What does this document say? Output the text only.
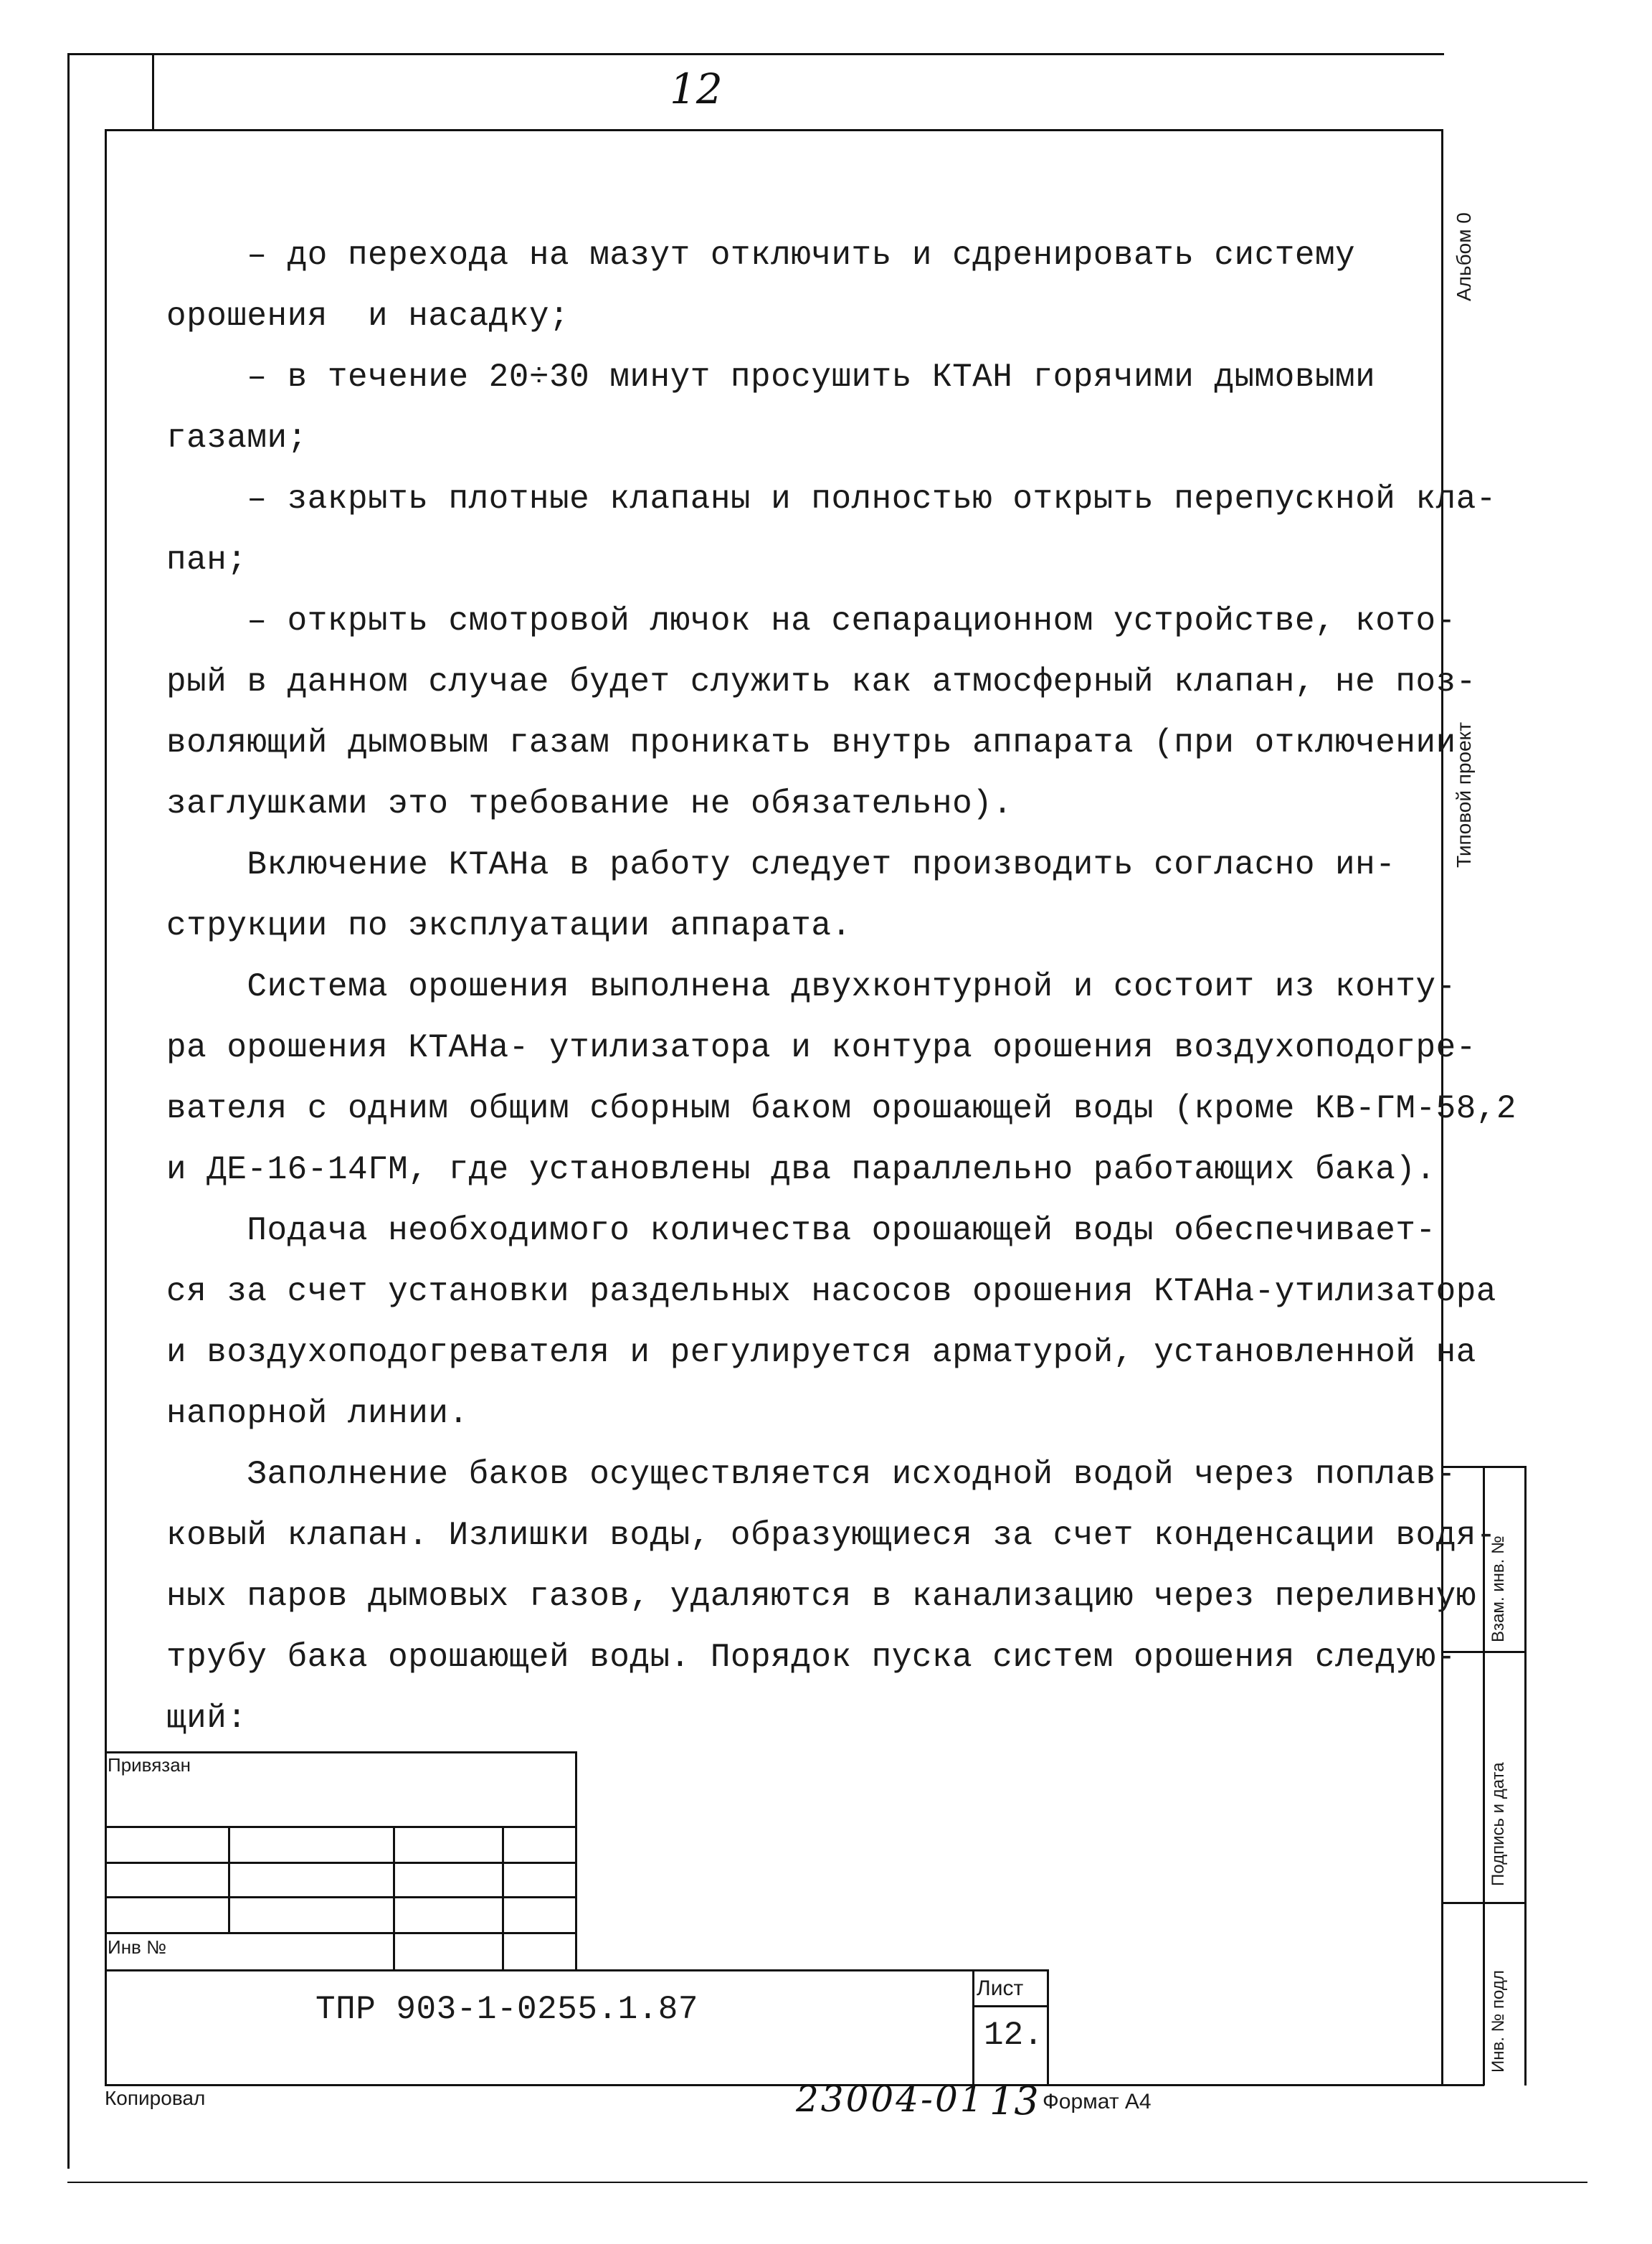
12
– до перехода на мазут отключить и сдренировать систему
орошения  и насадку;
– в течение 20÷30 минут просушить КТАН горячими дымовыми
газами;
– закрыть плотные клапаны и полностью открыть перепускной кла-
пан;
– открыть смотровой лючок на сепарационном устройстве, кото-
рый в данном случае будет служить как атмосферный клапан, не поз-
воляющий дымовым газам проникать внутрь аппарата (при отключении
заглушками это требование не обязательно).
Включение КТАНа в работу следует производить согласно ин-
струкции по эксплуатации аппарата.
Система орошения выполнена двухконтурной и состоит из конту-
ра орошения КТАНа- утилизатора и контура орошения воздухоподогре-
вателя с одним общим сборным баком орошающей воды (кроме КВ-ГМ-58,2
и ДЕ-16-14ГМ, где установлены два параллельно работающих бака).
Подача необходимого количества орошающей воды обеспечивает-
ся за счет установки раздельных насосов орошения КТАНа-утилизатора
и воздухоподогревателя и регулируется арматурой, установленной на
напорной линии.
Заполнение баков осуществляется исходной водой через поплав-
ковый клапан. Излишки воды, образующиеся за счет конденсации водя-
ных паров дымовых газов, удаляются в канализацию через переливную
трубу бака орошающей воды. Порядок пуска систем орошения следую-
щий:
Альбом 0
Типовой проект
Взам. инв. №
Подпись и дата
Инв. № подл
Привязан
Инв №
ТПР 903-1-0255.1.87
Лист
12.
Копировал	23004-01 13 Формат А4
